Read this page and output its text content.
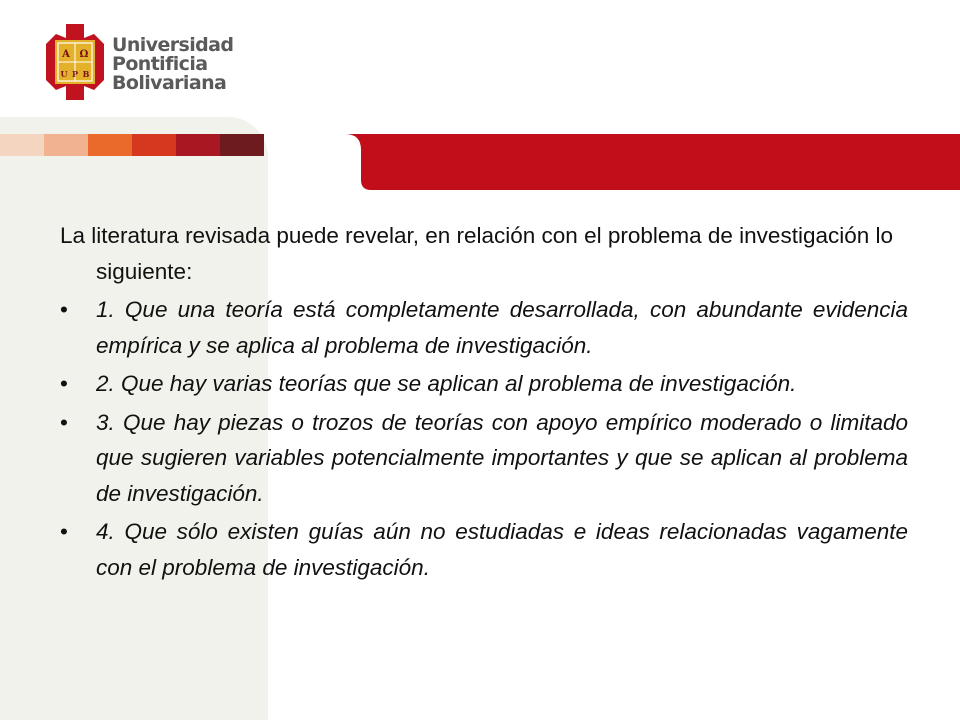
A Ω
U P B
Universidad
Pontificia
Bolivariana

La literatura revisada puede revelar, en relación con el problema de investigación lo siguiente:

• 1. Que una teoría está completamente desarrollada, con abundante evidencia empírica y se aplica al problema de investigación.
• 2. Que hay varias teorías que se aplican al problema de investigación.
• 3. Que hay piezas o trozos de teorías con apoyo empírico moderado o limitado que sugieren variables potencialmente importantes y que se aplican al problema de investigación.
• 4. Que sólo existen guías aún no estudiadas e ideas relacionadas vagamente con el problema de investigación.
